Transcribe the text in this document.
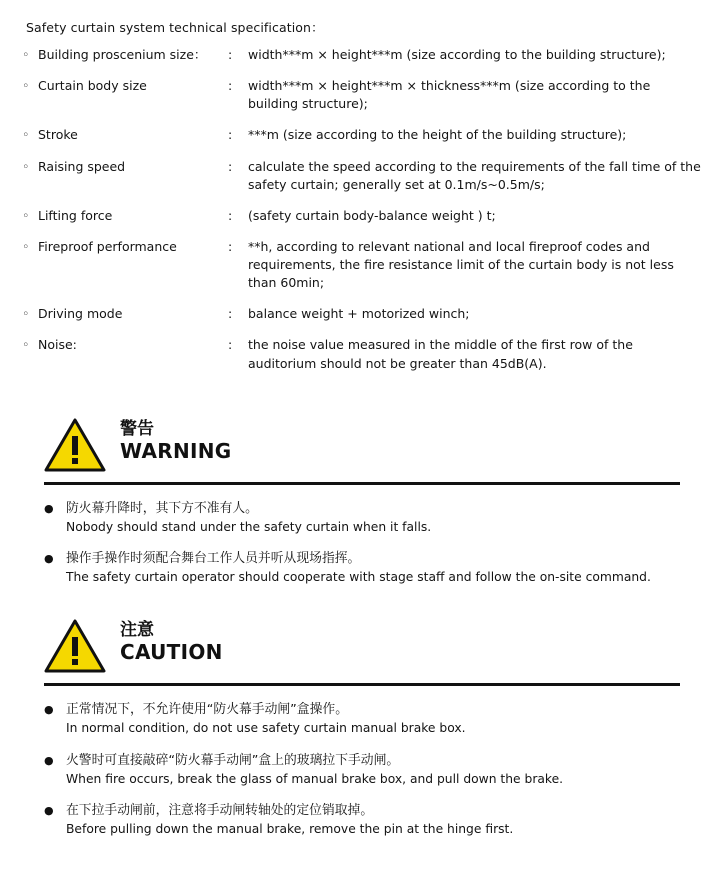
Safety curtain system technical specification：
◦	Building proscenium size：	:	width***m × height***m (size according to the building structure);
◦	Curtain body size	:	width***m × height***m × thickness***m (size according to the building structure);
◦	Stroke	:	***m (size according to the height of the building structure);
◦	Raising speed	:	calculate the speed according to the requirements of the fall time of the safety curtain; generally set at 0.1m/s~0.5m/s;
◦	Lifting force	:	(safety curtain body-balance weight ) t;
◦	Fireproof performance	:	**h, according to relevant national and local fireproof codes and requirements, the fire resistance limit of the curtain body is not less than 60min;
◦	Driving mode	:	balance weight + motorized winch;
◦	Noise:	:	the noise value measured in the middle of the first row of the auditorium should not be greater than 45dB(A).
警告
WARNING
● 防火幕升降时，其下方不准有人。
Nobody should stand under the safety curtain when it falls.
● 操作手操作时须配合舞台工作人员并听从现场指挥。
The safety curtain operator should cooperate with stage staff and follow the on-site command.
注意
CAUTION
● 正常情况下，不允许使用“防火幕手动闸”盒操作。
In normal condition, do not use safety curtain manual brake box.
● 火警时可直接敲碎“防火幕手动闸”盒上的玻璃拉下手动闸。
When fire occurs, break the glass of manual brake box, and pull down the brake.
● 在下拉手动闸前，注意将手动闸转轴处的定位销取掉。
Before pulling down the manual brake, remove the pin at the hinge first.
